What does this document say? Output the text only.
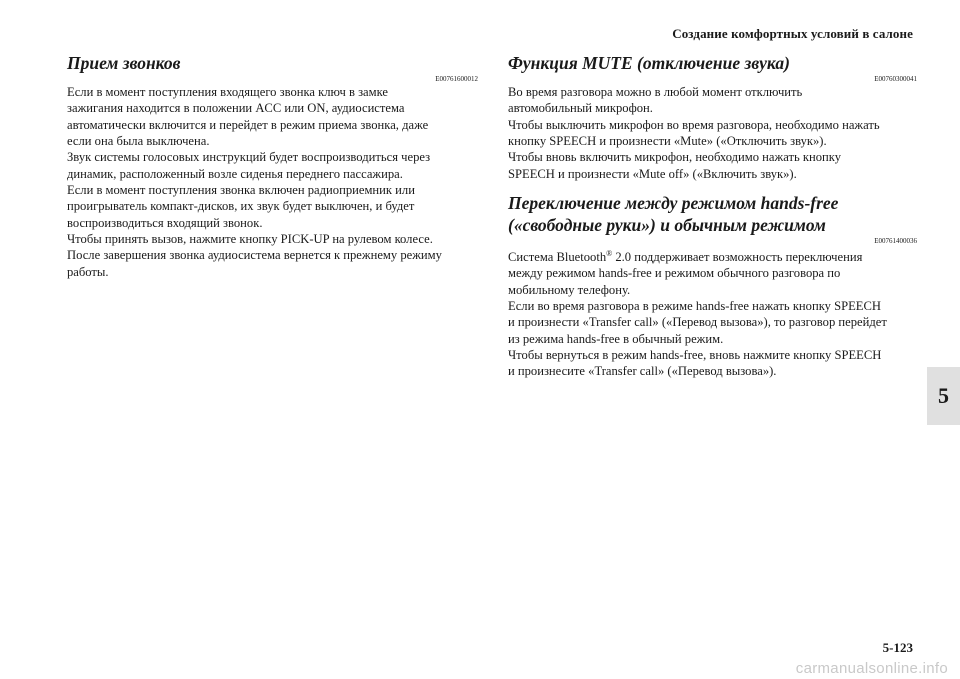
Создание комфортных условий в салоне
Прием звонков
E00761600012
Если в момент поступления входящего звонка ключ в замке
зажигания находится в положении ACC или ON, аудиосистема
автоматически включится и перейдет в режим приема звонка, даже
если она была выключена.
Звук системы голосовых инструкций будет воспроизводиться через
динамик, расположенный возле сиденья переднего пассажира.
Если в момент поступления звонка включен радиоприемник или
проигрыватель компакт-дисков, их звук будет выключен, и будет
воспроизводиться входящий звонок.
Чтобы принять вызов, нажмите кнопку PICK-UP на рулевом колесе.
После завершения звонка аудиосистема вернется к прежнему режиму
работы.
Функция MUTE (отключение звука)
E00760300041
Во время разговора можно в любой момент отключить
автомобильный микрофон.
Чтобы выключить микрофон во время разговора, необходимо нажать
кнопку SPEECH и произнести «Mute» («Отключить звук»).
Чтобы вновь включить микрофон, необходимо нажать кнопку
SPEECH и произнести «Mute off» («Включить звук»).
Переключение между режимом hands-free
(«свободные руки») и обычным режимом
E00761400036
Система Bluetooth® 2.0 поддерживает возможность переключения
между режимом hands-free и режимом обычного разговора по
мобильному телефону.
Если во время разговора в режиме hands-free нажать кнопку SPEECH
и произнести «Transfer call» («Перевод вызова»), то разговор перейдет
из режима hands-free в обычный режим.
Чтобы вернуться в режим hands-free, вновь нажмите кнопку SPEECH
и произнесите «Transfer call» («Перевод вызова»).
5
5-123
carmanualsonline.info
